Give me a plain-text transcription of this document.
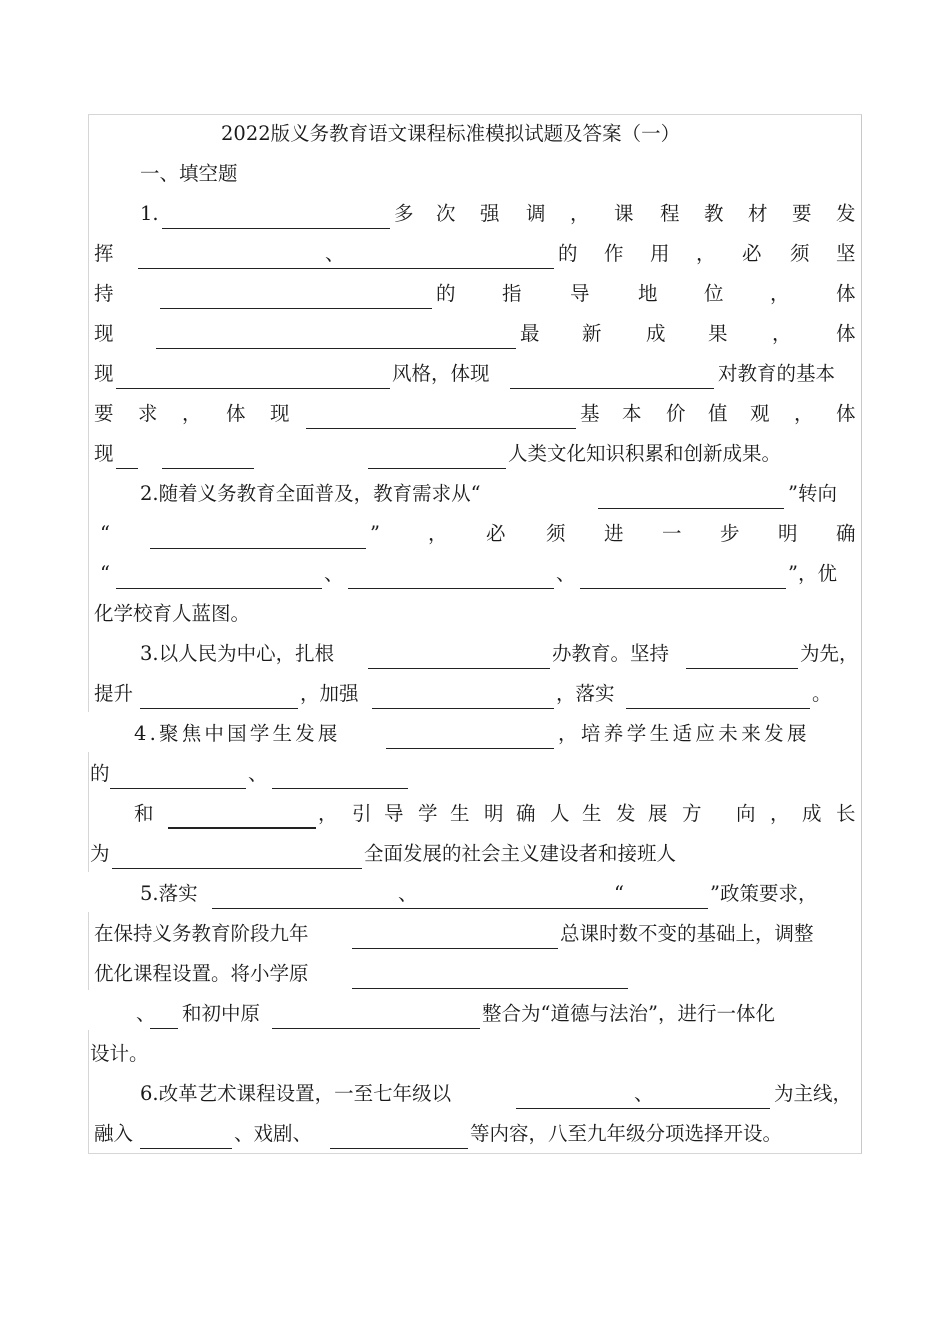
2022版义务教育语文课程标准模拟试题及答案（一）
一、填空题
1.	多 次 强 调 ， 课 程 教 材 要 发
挥	、	的 作 用 ， 必 须 坚
持	的 指 导 地 位 ， 体
现	最 新 成 果 ， 体
现	风格，体现	对教育的基本
要 求 ， 体 现	基 本 价 值 观 ， 体
现	人类文化知识积累和创新成果。
2.随着义务教育全面普及，教育需求从“	”转向
“	” ， 必 须 进 一 步 明 确
“	、	、	”，优
化学校育人蓝图。
3.以人民为中心，扎根	办教育。坚持	为先，
提升	，加强	，落实	。
4.聚焦中国学生发展	，培养学生适应未来发展
的	、
和	， 引 导 学 生 明 确 人 生 发 展 方 向 ， 成 长
为	全面发展的社会主义建设者和接班人
5.落实	、	“	”政策要求，
在保持义务教育阶段九年	总课时数不变的基础上，调整
优化课程设置。将小学原
、 和初中原	整合为“道德与法治”，进行一体化
设计。
6.改革艺术课程设置，一至七年级以	、	为主线，
融入	、戏剧、	等内容，八至九年级分项选择开设。
